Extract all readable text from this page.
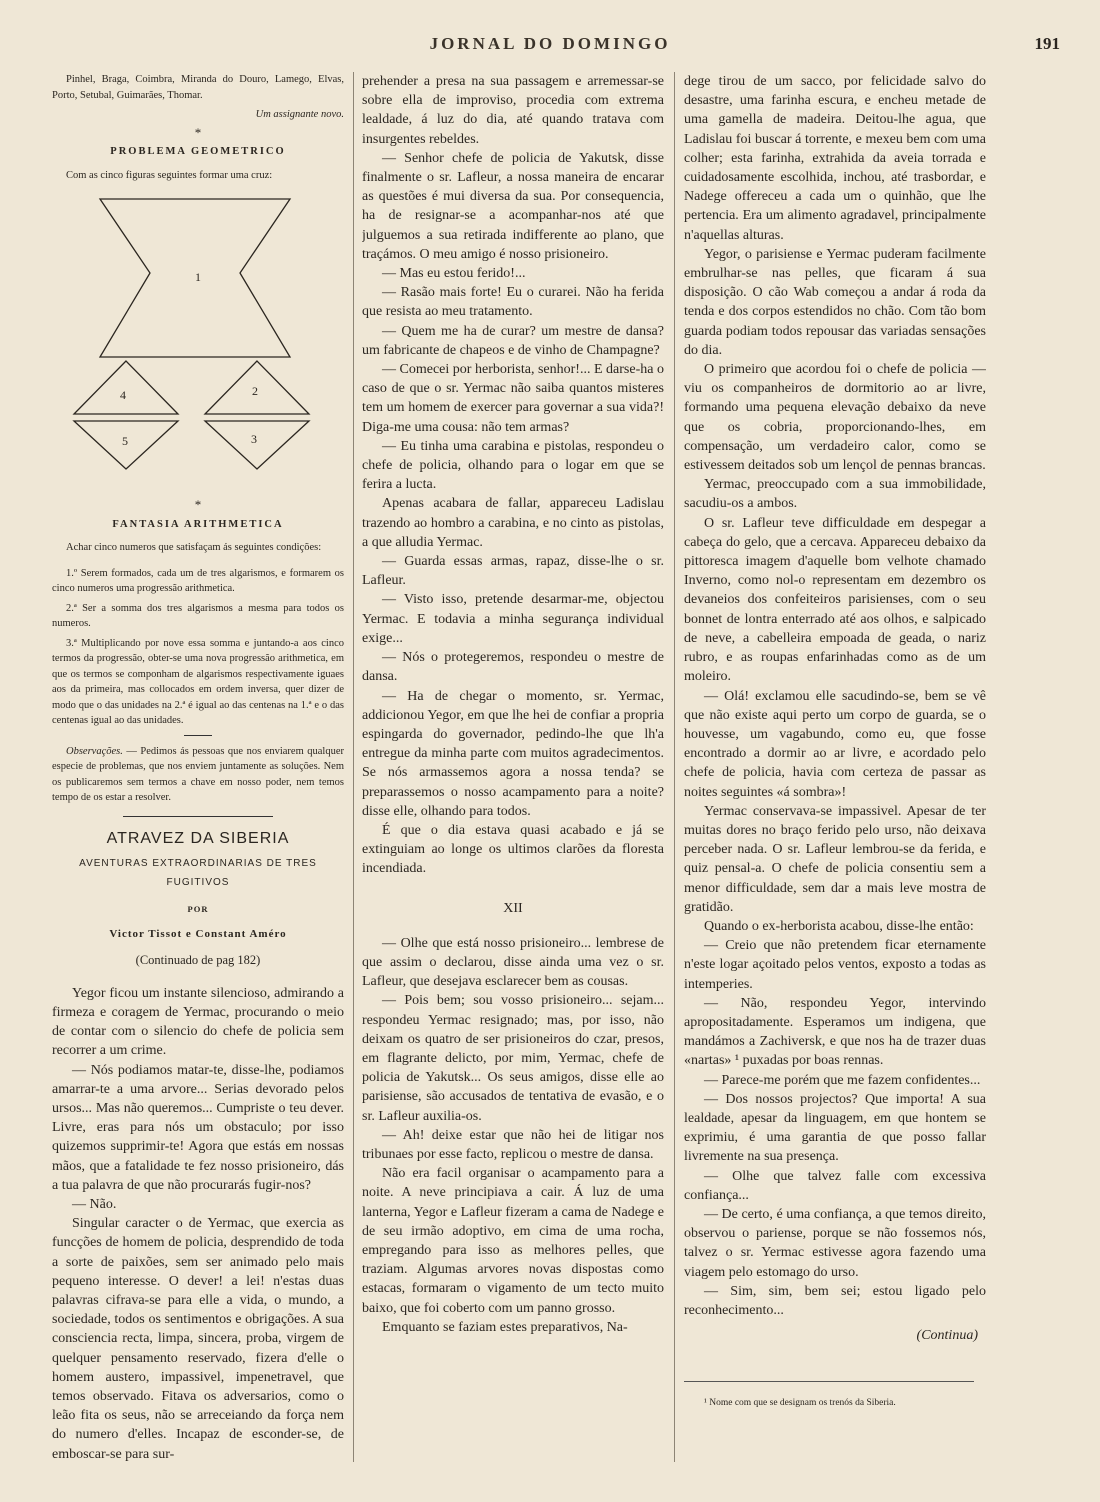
JORNAL DO DOMINGO	191

Pinhel, Braga, Coimbra, Miranda do Douro, Lamego, Elvas, Porto, Setubal, Guimarães, Thomar.

Um assignante novo.
*
PROBLEMA GEOMETRICO

Com as cinco figuras seguintes formar uma cruz:

1
4	2
5	3
*
FANTASIA ARITHMETICA

Achar cinco numeros que satisfaçam ás seguintes condições:

1.º Serem formados, cada um de tres algarismos, e formarem os cinco numeros uma progressão arithmetica.

2.ª Ser a somma dos tres algarismos a mesma para todos os numeros.

3.ª Multiplicando por nove essa somma e juntando-a aos cinco termos da progressão, obter-se uma nova progressão arithmetica, em que os termos se componham de algarismos respectivamente iguaes aos da primeira, mas collocados em ordem inversa, quer dizer de modo que o das unidades na 2.ª é igual ao das centenas na 1.ª e o das centenas igual ao das unidades.

Observações. — Pedimos ás pessoas que nos enviarem qualquer especie de problemas, que nos enviem juntamente as soluções. Nem os publicaremos sem termos a chave em nosso poder, nem temos tempo de os estar a resolver.

ATRAVEZ DA SIBERIA
AVENTURAS EXTRAORDINARIAS DE TRES FUGITIVOS
POR
Victor Tissot e Constant Améro
(Continuado de pag 182)

Yegor ficou um instante silencioso, admirando a firmeza e coragem de Yermac, procurando o meio de contar com o silencio do chefe de policia sem recorrer a um crime.

— Nós podiamos matar-te, disse-lhe, podiamos amarrar-te a uma arvore... Serias devorado pelos ursos... Mas não queremos... Cumpriste o teu dever. Livre, eras para nós um obstaculo; por isso quizemos supprimir-te! Agora que estás em nossas mãos, que a fatalidade te fez nosso prisioneiro, dás a tua palavra de que não procurarás fugir-nos?

— Não.

Singular caracter o de Yermac, que exercia as funcções de homem de policia, desprendido de toda a sorte de paixões, sem ser animado pelo mais pequeno interesse. O dever! a lei! n'estas duas palavras cifrava-se para elle a vida, o mundo, a sociedade, todos os sentimentos e obrigações. A sua consciencia recta, limpa, sincera, proba, virgem de quelquer pensamento reservado, fizera d'elle o homem austero, impassivel, impenetravel, que temos observado. Fitava os adversarios, como o leão fita os seus, não se arreceiando da força nem do numero d'elles. Incapaz de esconder-se, de emboscar-se para sur-

prehender a presa na sua passagem e arremessar-se sobre ella de improviso, procedia com extrema lealdade, á luz do dia, até quando tratava com insurgentes rebeldes.

— Senhor chefe de policia de Yakutsk, disse finalmente o sr. Lafleur, a nossa maneira de encarar as questões é mui diversa da sua. Por consequencia, ha de resignar-se a acompanhar-nos até que julguemos a sua retirada indifferente ao plano, que traçámos. O meu amigo é nosso prisioneiro.

— Mas eu estou ferido!...

— Rasão mais forte! Eu o curarei. Não ha ferida que resista ao meu tratamento.

— Quem me ha de curar? um mestre de dansa? um fabricante de chapeos e de vinho de Champagne?

— Comecei por herborista, senhor!... E darse-ha o caso de que o sr. Yermac não saiba quantos misteres tem um homem de exercer para governar a sua vida?! Diga-me uma cousa: não tem armas?

— Eu tinha uma carabina e pistolas, respondeu o chefe de policia, olhando para o logar em que se ferira a lucta.

Apenas acabara de fallar, appareceu Ladislau trazendo ao hombro a carabina, e no cinto as pistolas, a que alludia Yermac.

— Guarda essas armas, rapaz, disse-lhe o sr. Lafleur.

— Visto isso, pretende desarmar-me, objectou Yermac. E todavia a minha segurança individual exige...

— Nós o protegeremos, respondeu o mestre de dansa.

— Ha de chegar o momento, sr. Yermac, addicionou Yegor, em que lhe hei de confiar a propria espingarda do governador, pedindo-lhe que lh'a entregue da minha parte com muitos agradecimentos. Se nós armassemos agora a nossa tenda? se preparassemos o nosso acampamento para a noite? disse elle, olhando para todos.

É que o dia estava quasi acabado e já se extinguiam ao longe os ultimos clarões da floresta incendiada.

XII

— Olhe que está nosso prisioneiro... lembrese de que assim o declarou, disse ainda uma vez o sr. Lafleur, que desejava esclarecer bem as cousas.

— Pois bem; sou vosso prisioneiro... sejam... respondeu Yermac resignado; mas, por isso, não deixam os quatro de ser prisioneiros do czar, presos, em flagrante delicto, por mim, Yermac, chefe de policia de Yakutsk... Os seus amigos, disse elle ao parisiense, são accusados de tentativa de evasão, e o sr. Lafleur auxilia-os.

— Ah! deixe estar que não hei de litigar nos tribunaes por esse facto, replicou o mestre de dansa.

Não era facil organisar o acampamento para a noite. A neve principiava a cair. Á luz de uma lanterna, Yegor e Lafleur fizeram a cama de Nadege e de seu irmão adoptivo, em cima de uma rocha, empregando para isso as melhores pelles, que traziam. Algumas arvores novas dispostas como estacas, formaram o vigamento de um tecto muito baixo, que foi coberto com um panno grosso.

Emquanto se faziam estes preparativos, Na-

dege tirou de um sacco, por felicidade salvo do desastre, uma farinha escura, e encheu metade de uma gamella de madeira. Deitou-lhe agua, que Ladislau foi buscar á torrente, e mexeu bem com uma colher; esta farinha, extrahida da aveia torrada e cuidadosamente escolhida, inchou, até trasbordar, e Nadege offereceu a cada um o quinhão, que lhe pertencia. Era um alimento agradavel, principalmente n'aquellas alturas.

Yegor, o parisiense e Yermac puderam facilmente embrulhar-se nas pelles, que ficaram á sua disposição. O cão Wab começou a andar á roda da tenda e dos corpos estendidos no chão. Com tão bom guarda podiam todos repousar das variadas sensações do dia.

O primeiro que acordou foi o chefe de policia — viu os companheiros de dormitorio ao ar livre, formando uma pequena elevação debaixo da neve que os cobria, proporcionando-lhes, em compensação, um verdadeiro calor, como se estivessem deitados sob um lençol de pennas brancas.

Yermac, preoccupado com a sua immobilidade, sacudiu-os a ambos.

O sr. Lafleur teve difficuldade em despegar a cabeça do gelo, que a cercava. Appareceu debaixo da pittoresca imagem d'aquelle bom velhote chamado Inverno, como nol-o representam em dezembro os devaneios dos confeiteiros parisienses, com o seu bonnet de lontra enterrado até aos olhos, e salpicado de neve, a cabelleira empoada de geada, o nariz rubro, e as roupas enfarinhadas como as de um moleiro.

— Olá! exclamou elle sacudindo-se, bem se vê que não existe aqui perto um corpo de guarda, se o houvesse, um vagabundo, como eu, que fosse encontrado a dormir ao ar livre, e acordado pelo chefe de policia, havia com certeza de passar as noites seguintes «á sombra»!

Yermac conservava-se impassivel. Apesar de ter muitas dores no braço ferido pelo urso, não deixava perceber nada. O sr. Lafleur lembrou-se da ferida, e quiz pensal-a. O chefe de policia consentiu sem a menor difficuldade, sem dar a mais leve mostra de gratidão.

Quando o ex-herborista acabou, disse-lhe então:

— Creio que não pretendem ficar eternamente n'este logar açoitado pelos ventos, exposto a todas as intemperies.

— Não, respondeu Yegor, intervindo apropositadamente. Esperamos um indigena, que mandámos a Zachiversk, e que nos ha de trazer duas «nartas» ¹ puxadas por boas rennas.

— Parece-me porém que me fazem confidentes...

— Dos nossos projectos? Que importa! A sua lealdade, apesar da linguagem, em que hontem se exprimiu, é uma garantia de que posso fallar livremente na sua presença.

— Olhe que talvez falle com excessiva confiança...

— De certo, é uma confiança, a que temos direito, observou o pariense, porque se não fossemos nós, talvez o sr. Yermac estivesse agora fazendo uma viagem pelo estomago do urso.

— Sim, sim, bem sei; estou ligado pelo reconhecimento...

(Continua)

¹ Nome com que se designam os trenós da Siberia.
